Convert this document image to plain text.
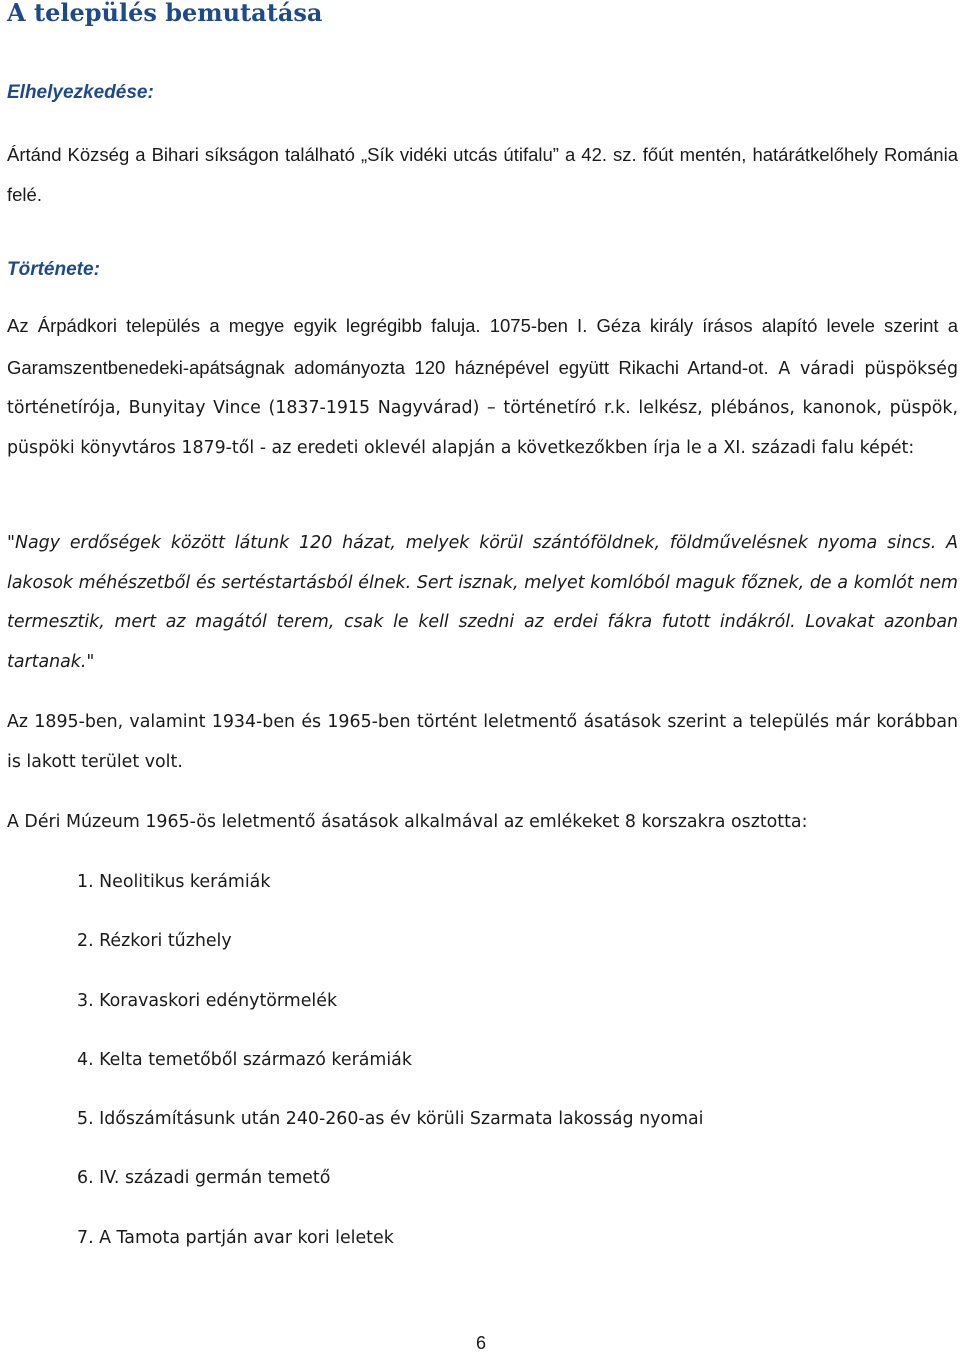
A település bemutatása
Elhelyezkedése:

Ártánd Község a Bihari síkságon található „Sík vidéki utcás útifalu” a 42. sz. főút mentén, határátkelőhely Románia felé.

Története:

Az Árpádkori település a megye egyik legrégibb faluja. 1075-ben I. Géza király írásos alapító levele szerint a Garamszentbenedeki-apátságnak adományozta 120 háznépével együtt Rikachi Artand-ot. A váradi püspökség történetírója, Bunyitay Vince (1837-1915 Nagyvárad) – történetíró r.k. lelkész, plébános, kanonok, püspök, püspöki könyvtáros 1879-től - az eredeti oklevél alapján a következőkben írja le a XI. századi falu képét:

"Nagy erdőségek között látunk 120 házat, melyek körül szántóföldnek, földművelésnek nyoma sincs. A lakosok méhészetből és sertéstartásból élnek. Sert isznak, melyet komlóból maguk főznek, de a komlót nem termesztik, mert az magától terem, csak le kell szedni az erdei fákra futott indákról. Lovakat azonban tartanak."

Az 1895-ben, valamint 1934-ben és 1965-ben történt leletmentő ásatások szerint a település már korábban is lakott terület volt.

A Déri Múzeum 1965-ös leletmentő ásatások alkalmával az emlékeket 8 korszakra osztotta:

1. Neolitikus kerámiák
2. Rézkori tűzhely
3. Koravaskori edénytörmelék
4. Kelta temetőből származó kerámiák
5. Időszámításunk után 240-260-as év körüli Szarmata lakosság nyomai
6. IV. századi germán temető
7. A Tamota partján avar kori leletek
6
